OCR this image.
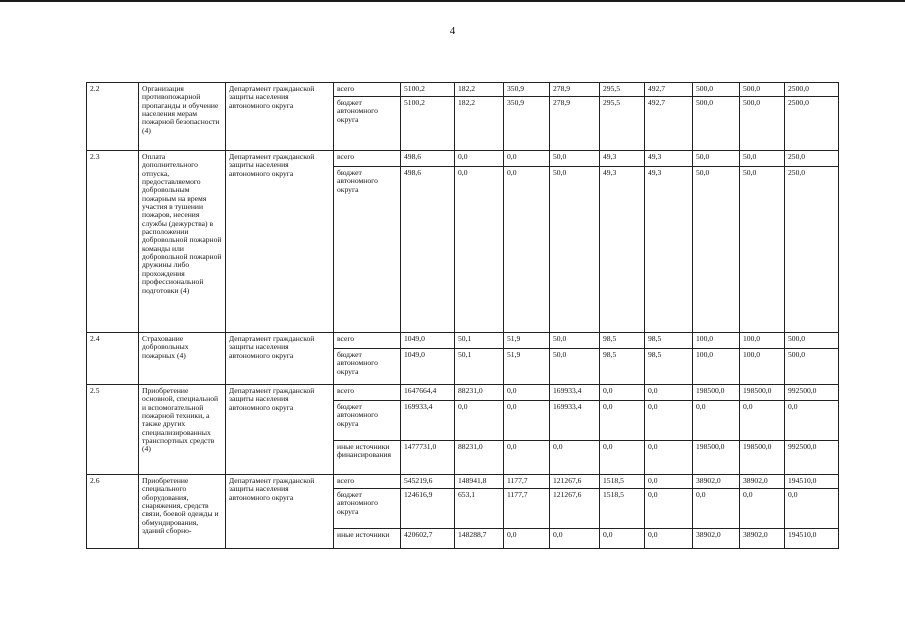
4
2.2	Организация противопожарной пропаганды и обучение населения мерам пожарной безопасности (4)	Департамент гражданской защиты населения автономного округа	всего	5100,2	182,2	350,9	278,9	295,5	492,7	500,0	500,0	2500,0
			бюджет автономного округа	5100,2	182,2	350,9	278,9	295,5	492,7	500,0	500,0	2500,0
2.3	Оплата дополнительного отпуска, предоставляемого добровольным пожарным на время участия в тушении пожаров, несения службы (дежурства) в расположении добровольной пожарной команды или добровольной пожарной дружины либо прохождения профессиональной подготовки (4)	Департамент гражданской защиты населения автономного округа	всего	498,6	0,0	0,0	50,0	49,3	49,3	50,0	50,0	250,0
			бюджет автономного округа	498,6	0,0	0,0	50,0	49,3	49,3	50,0	50,0	250,0
2.4	Страхование добровольных пожарных (4)	Департамент гражданской защиты населения автономного округа	всего	1049,0	50,1	51,9	50,0	98,5	98,5	100,0	100,0	500,0
			бюджет автономного округа	1049,0	50,1	51,9	50,0	98,5	98,5	100,0	100,0	500,0
2.5	Приобретение основной, специальной и вспомогательной пожарной техники, а также других специализированных транспортных средств (4)	Департамент гражданской защиты населения автономного округа	всего	1647664,4	88231,0	0,0	169933,4	0,0	0,0	198500,0	198500,0	992500,0
			бюджет автономного округа	169933,4	0,0	0,0	169933,4	0,0	0,0	0,0	0,0	0,0
			иные источники финансирования	1477731,0	88231,0	0,0	0,0	0,0	0,0	198500,0	198500,0	992500,0
2.6	Приобретение специального оборудования, снаряжения, средств связи, боевой одежды и обмундирования, зданий сборно-	Департамент гражданской защиты населения автономного округа	всего	545219,6	148941,8	1177,7	121267,6	1518,5	0,0	38902,0	38902,0	194510,0
			бюджет автономного округа	124616,9	653,1	1177,7	121267,6	1518,5	0,0	0,0	0,0	0,0
			иные источники	420602,7	148288,7	0,0	0,0	0,0	0,0	38902,0	38902,0	194510,0
